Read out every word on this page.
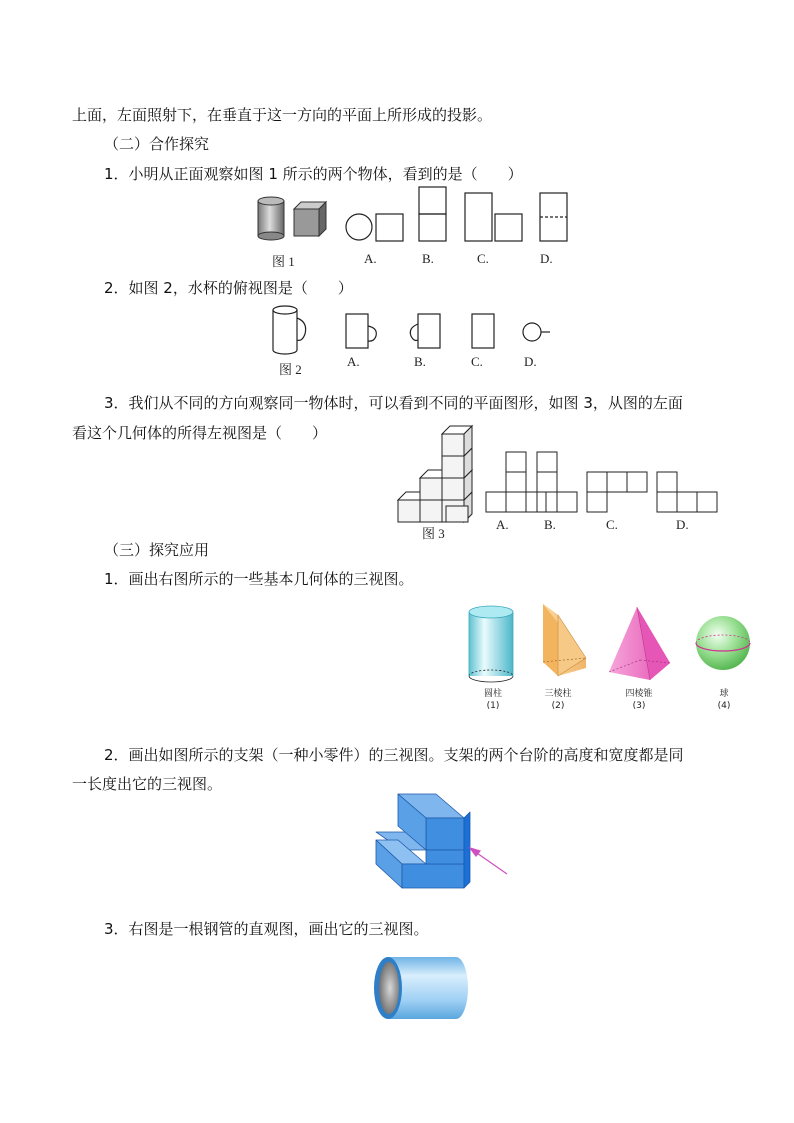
上面，左面照射下，在垂直于这一方向的平面上所形成的投影。
（二）合作探究
1．小明从正面观察如图 1 所示的两个物体，看到的是（　　）
图 1	A.	B.	C.	D.
2．如图 2，水杯的俯视图是（　　）
图 2
A.	B.	C.	D.
3．我们从不同的方向观察同一物体时，可以看到不同的平面图形，如图 3，从图的左面
看这个几何体的所得左视图是（　　）
图 3
A.	B.	C.	D.
（三）探究应用
1．画出右图所示的一些基本几何体的三视图。
圆柱
(1)
三棱柱
(2)
四棱锥
(3)
球
(4)
2．画出如图所示的支架（一种小零件）的三视图。支架的两个台阶的高度和宽度都是同
一长度出它的三视图。
3．右图是一根钢管的直观图，画出它的三视图。
